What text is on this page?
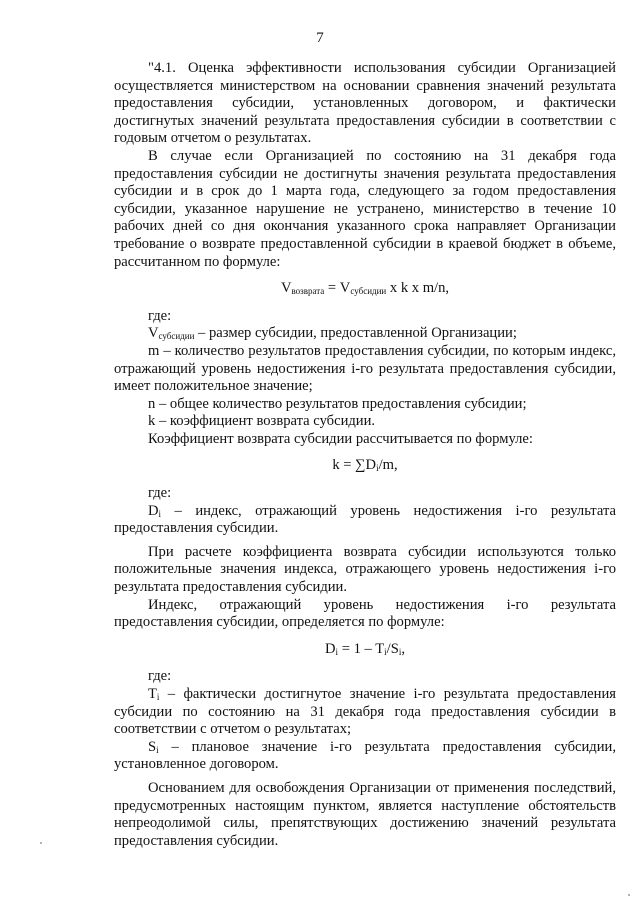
7

"4.1. Оценка эффективности использования субсидии Организацией осуществляется министерством на основании сравнения значений результата предоставления субсидии, установленных договором, и фактически достигнутых значений результата предоставления субсидии в соответствии с годовым отчетом о результатах.

В случае если Организацией по состоянию на 31 декабря года предоставления субсидии не достигнуты значения результата предоставления субсидии и в срок до 1 марта года, следующего за годом предоставления субсидии, указанное нарушение не устранено, министерство в течение 10 рабочих дней со дня окончания указанного срока направляет Организации требование о возврате предоставленной субсидии в краевой бюджет в объеме, рассчитанном по формуле:

$V_{возврата} = V_{субсидии}$ x k x m/n,

где:

$V_{субсидии}$ – размер субсидии, предоставленной Организации;

m – количество результатов предоставления субсидии, по которым индекс, отражающий уровень недостижения i-го результата предоставления субсидии, имеет положительное значение;

n – общее количество результатов предоставления субсидии;

k – коэффициент возврата субсидии.

Коэффициент возврата субсидии рассчитывается по формуле:

$k = \sum D_i/m$,

где:

$D_i$ – индекс, отражающий уровень недостижения i-го результата предоставления субсидии.

При расчете коэффициента возврата субсидии используются только положительные значения индекса, отражающего уровень недостижения i-го результата предоставления субсидии.

Индекс, отражающий уровень недостижения i-го результата предоставления субсидии, определяется по формуле:

$D_i = 1 - T_i/S_i$,

где:

$T_i$ – фактически достигнутое значение i-го результата предоставления субсидии по состоянию на 31 декабря года предоставления субсидии в соответствии с отчетом о результатах;

$S_i$ – плановое значение i-го результата предоставления субсидии, установленное договором.

Основанием для освобождения Организации от применения последствий, предусмотренных настоящим пунктом, является наступление обстоятельств непреодолимой силы, препятствующих достижению значений результата предоставления субсидии.
